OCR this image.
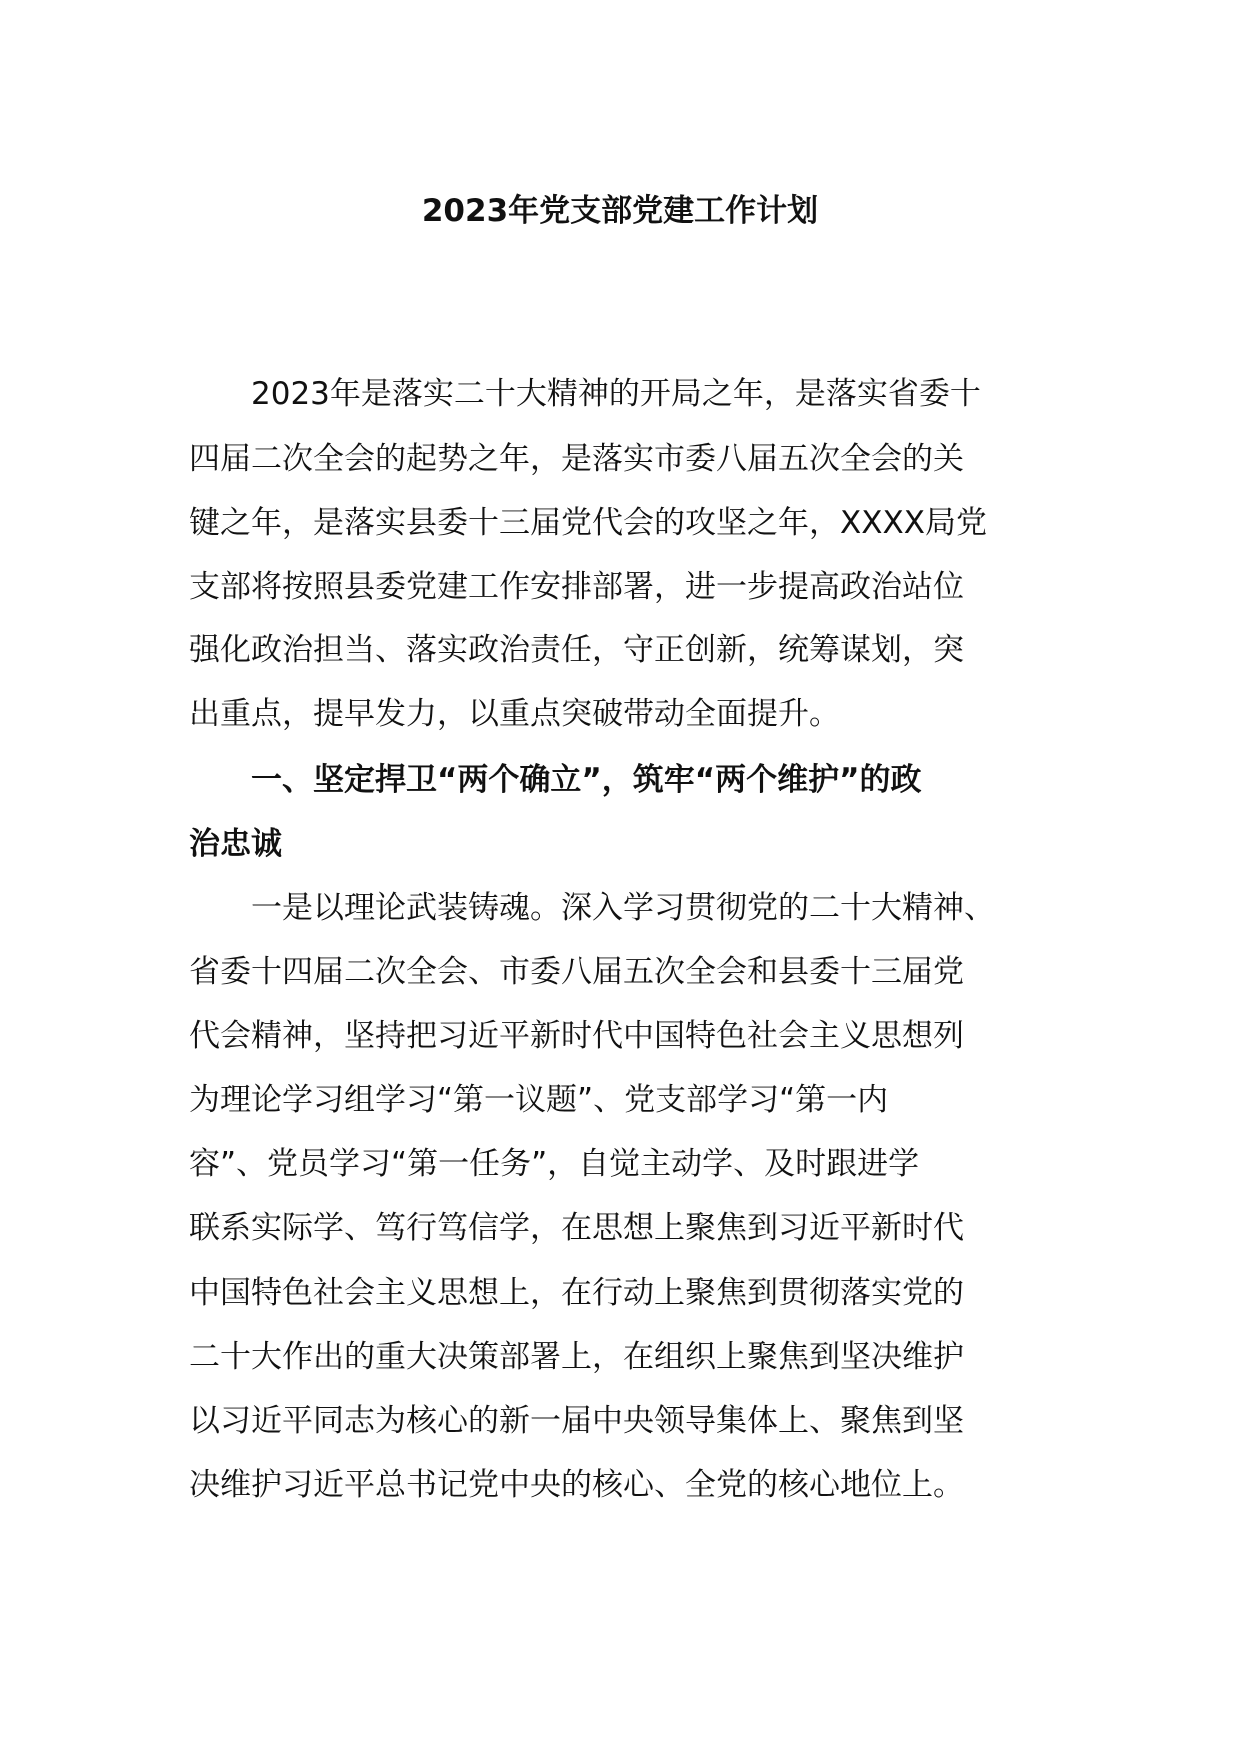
2023年党支部党建工作计划
　　2023年是落实二十大精神的开局之年，是落实省委十
四届二次全会的起势之年，是落实市委八届五次全会的关
键之年，是落实县委十三届党代会的攻坚之年，XXXX局党
支部将按照县委党建工作安排部署，进一步提高政治站位
强化政治担当、落实政治责任，守正创新，统筹谋划，突
出重点，提早发力，以重点突破带动全面提升。
　　一、坚定捍卫“两个确立”，筑牢“两个维护”的政
治忠诚
　　一是以理论武装铸魂。深入学习贯彻党的二十大精神、
省委十四届二次全会、市委八届五次全会和县委十三届党
代会精神，坚持把习近平新时代中国特色社会主义思想列
为理论学习组学习“第一议题”、党支部学习“第一内
容”、党员学习“第一任务”，自觉主动学、及时跟进学
联系实际学、笃行笃信学，在思想上聚焦到习近平新时代
中国特色社会主义思想上，在行动上聚焦到贯彻落实党的
二十大作出的重大决策部署上，在组织上聚焦到坚决维护
以习近平同志为核心的新一届中央领导集体上、聚焦到坚
决维护习近平总书记党中央的核心、全党的核心地位上。
